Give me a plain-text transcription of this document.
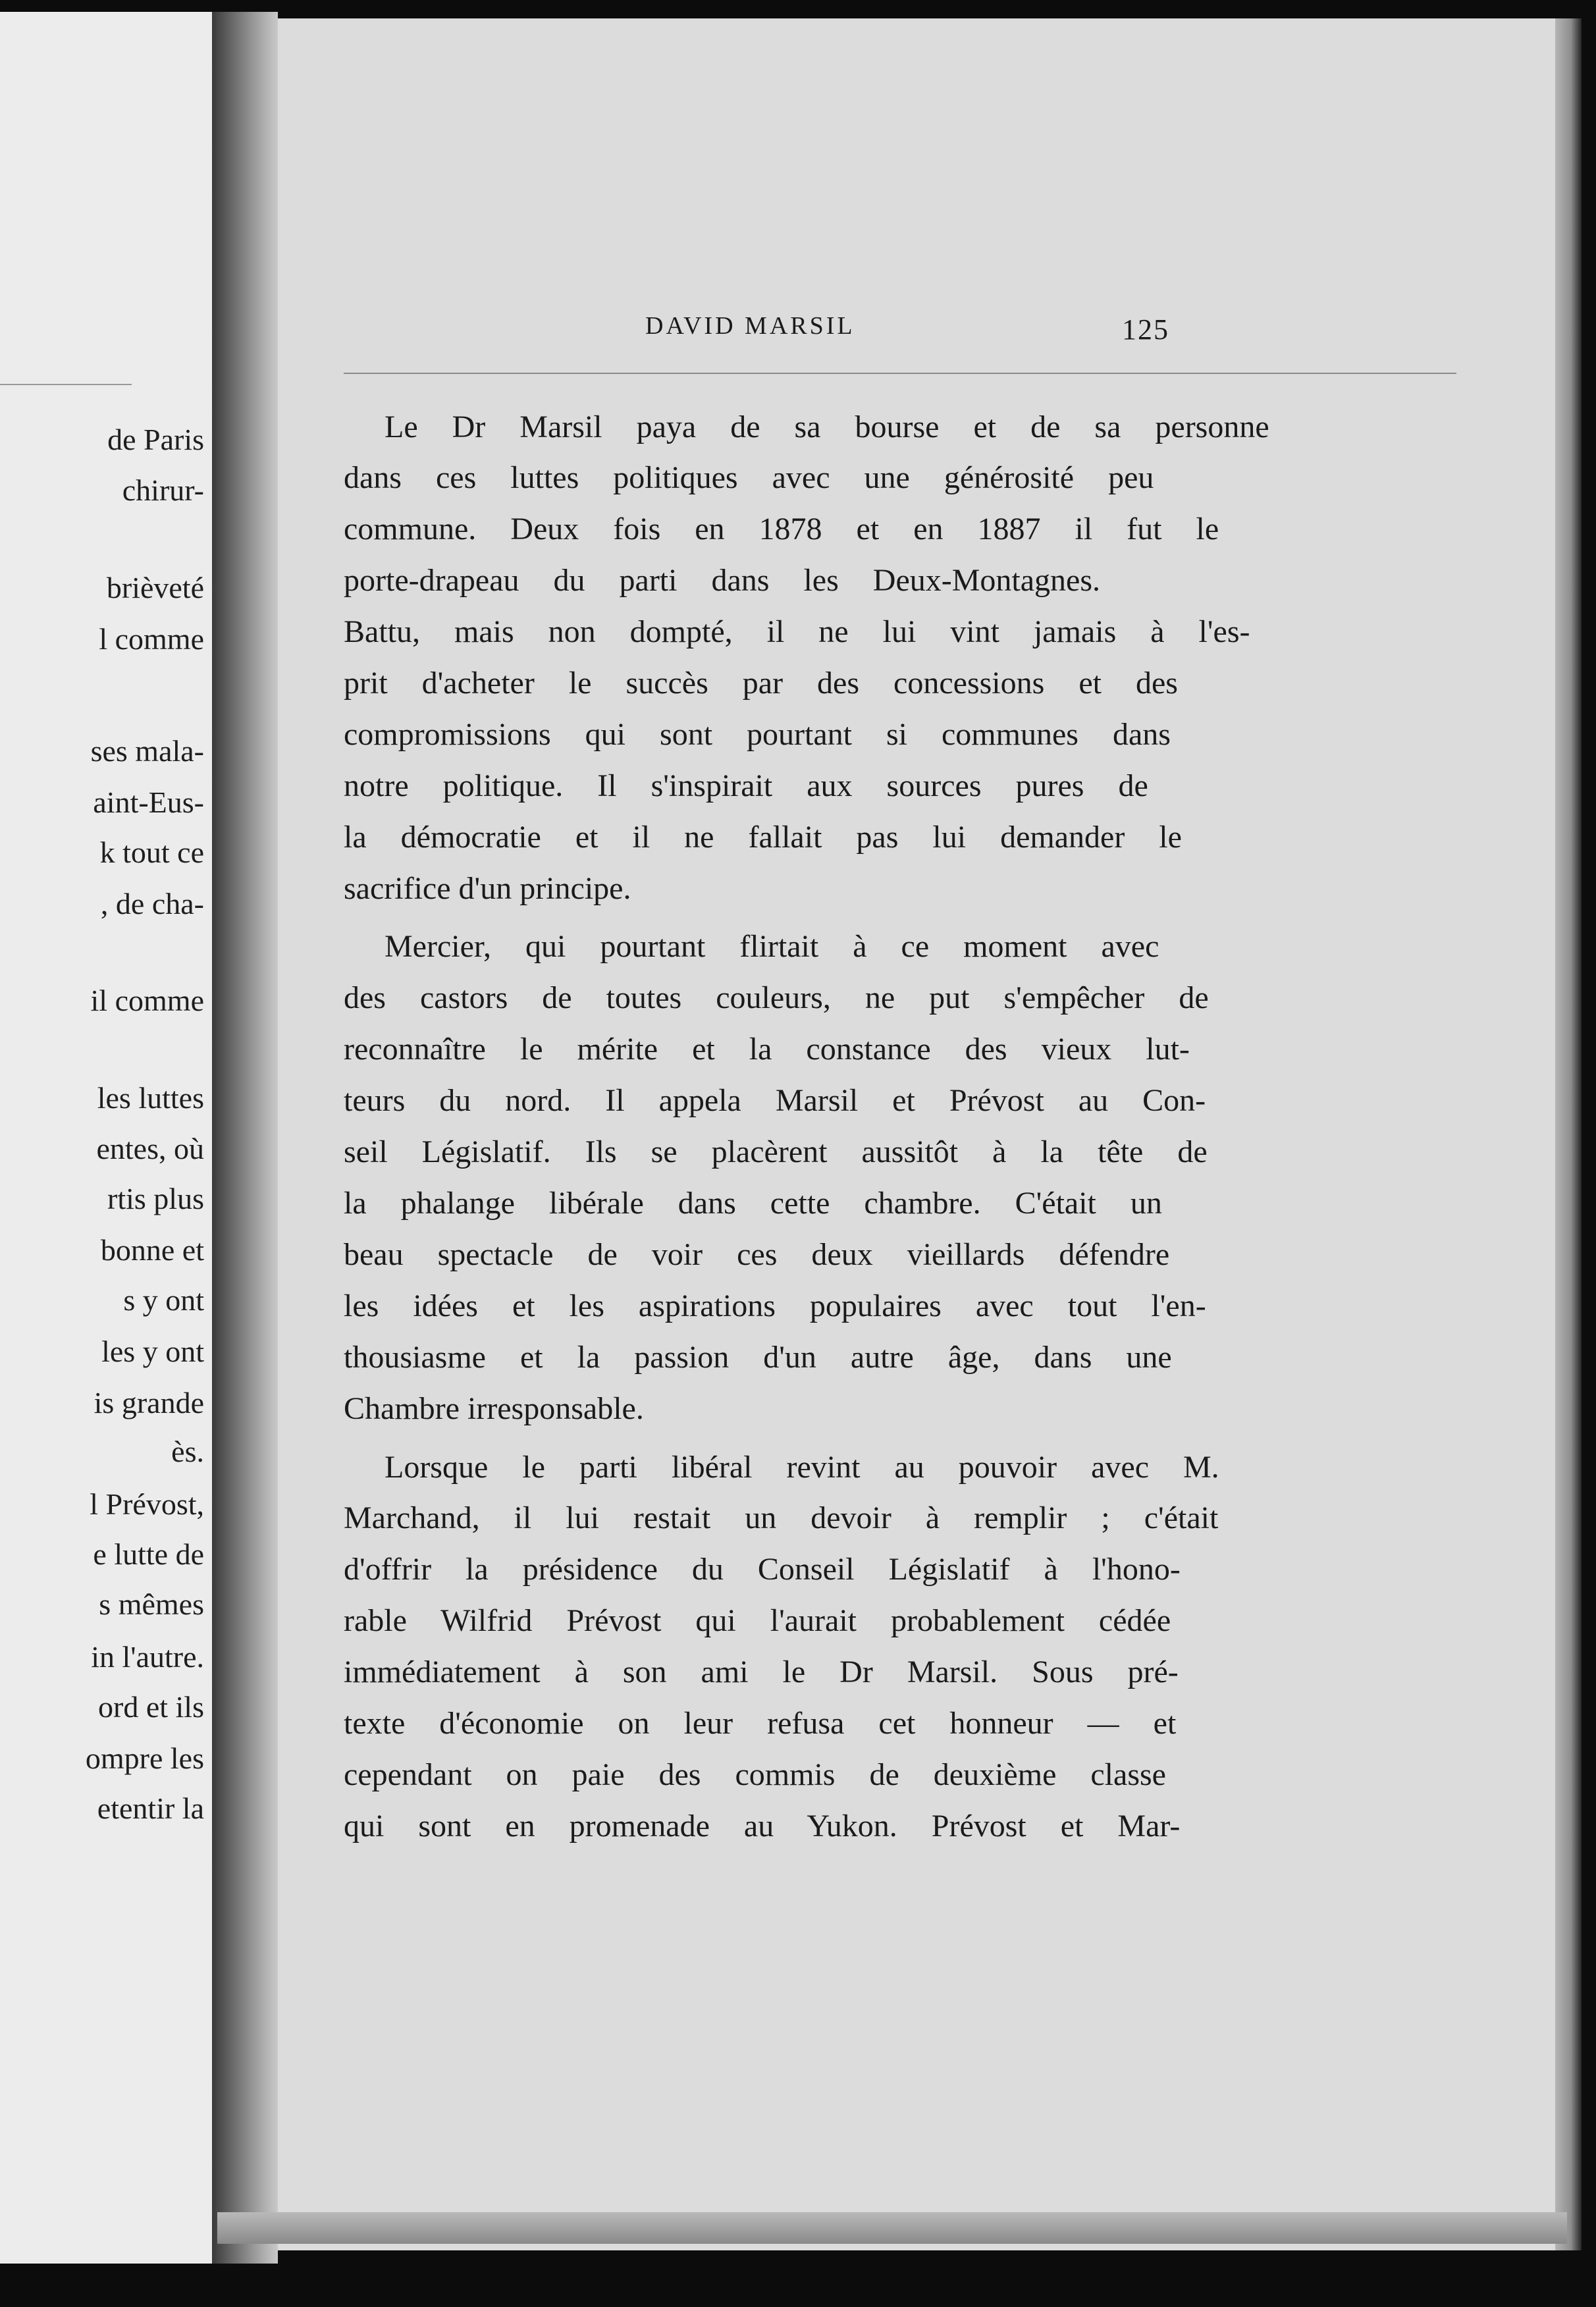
de Paris
chirur-
brièveté
l comme
ses mala-
aint-Eus-
k tout ce
, de cha-
il comme
les luttes
entes, où
rtis plus
bonne et
s y ont
les y ont
is grande
ès.
l Prévost,
e lutte de
s mêmes
in l'autre.
ord et ils
ompre les
etentir la
DAVID MARSIL	125
Le Dr Marsil paya de sa bourse et de sa personne
dans ces luttes politiques avec une générosité peu
commune. Deux fois en 1878 et en 1887 il fut le
porte-drapeau du parti dans les Deux-Montagnes.
Battu, mais non dompté, il ne lui vint jamais à l'es-
prit d'acheter le succès par des concessions et des
compromissions qui sont pourtant si communes dans
notre politique. Il s'inspirait aux sources pures de
la démocratie et il ne fallait pas lui demander le
sacrifice d'un principe.
Mercier, qui pourtant flirtait à ce moment avec
des castors de toutes couleurs, ne put s'empêcher de
reconnaître le mérite et la constance des vieux lut-
teurs du nord. Il appela Marsil et Prévost au Con-
seil Législatif. Ils se placèrent aussitôt à la tête de
la phalange libérale dans cette chambre. C'était un
beau spectacle de voir ces deux vieillards défendre
les idées et les aspirations populaires avec tout l'en-
thousiasme et la passion d'un autre âge, dans une
Chambre irresponsable.
Lorsque le parti libéral revint au pouvoir avec M.
Marchand, il lui restait un devoir à remplir ; c'était
d'offrir la présidence du Conseil Législatif à l'hono-
rable Wilfrid Prévost qui l'aurait probablement cédée
immédiatement à son ami le Dr Marsil. Sous pré-
texte d'économie on leur refusa cet honneur — et
cependant on paie des commis de deuxième classe
qui sont en promenade au Yukon. Prévost et Mar-
